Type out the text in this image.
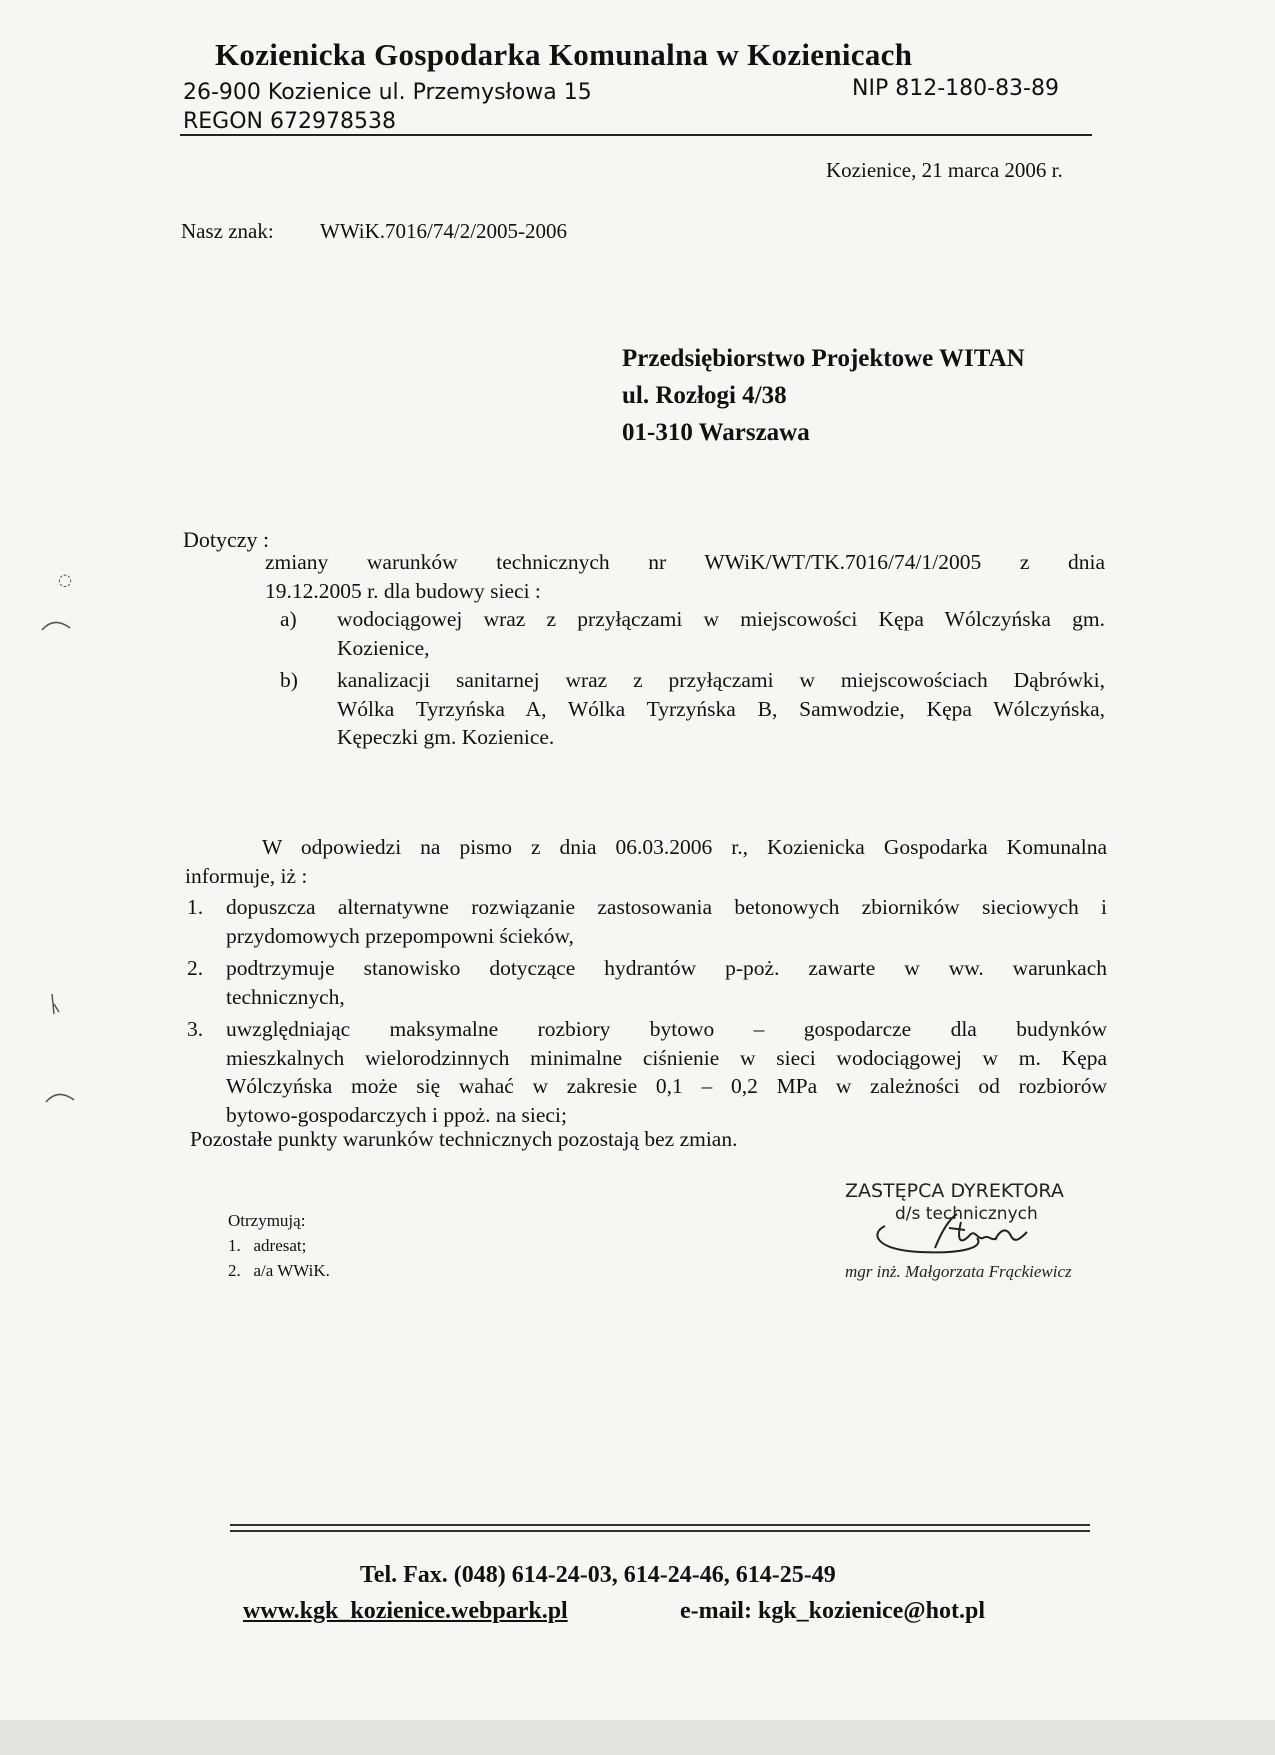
Kozienicka Gospodarka Komunalna w Kozienicach
26-900 Kozienice ul. Przemysłowa 15	NIP 812-180-83-89
REGON 672978538
Kozienice, 21 marca 2006 r.
Nasz znak: WWiK.7016/74/2/2005-2006
Przedsiębiorstwo Projektowe WITAN
ul. Rozłogi 4/38
01-310 Warszawa
Dotyczy :
zmiany warunków technicznych nr WWiK/WT/TK.7016/74/1/2005 z dnia
19.12.2005 r. dla budowy sieci :
a) wodociągowej wraz z przyłączami w miejscowości Kępa Wólczyńska gm.
Kozienice,
b) kanalizacji sanitarnej wraz z przyłączami w miejscowościach Dąbrówki,
Wólka Tyrzyńska A, Wólka Tyrzyńska B, Samwodzie, Kępa Wólczyńska,
Kępeczki gm. Kozienice.
W odpowiedzi na pismo z dnia 06.03.2006 r., Kozienicka Gospodarka Komunalna
informuje, iż :
1. dopuszcza alternatywne rozwiązanie zastosowania betonowych zbiorników sieciowych i
przydomowych przepompowni ścieków,
2. podtrzymuje stanowisko dotyczące hydrantów p-poż. zawarte w ww. warunkach
technicznych,
3. uwzględniając maksymalne rozbiory bytowo – gospodarcze dla budynków
mieszkalnych wielorodzinnych minimalne ciśnienie w sieci wodociągowej w m. Kępa
Wólczyńska może się wahać w zakresie 0,1 – 0,2 MPa w zależności od rozbiorów
bytowo-gospodarczych i ppoż. na sieci;
Pozostałe punkty warunków technicznych pozostają bez zmian.
Otrzymują:
1. adresat;
2. a/a WWiK.
ZASTĘPCA DYREKTORA
d/s technicznych
mgr inż. Małgorzata Frąckiewicz
◌
Tel. Fax. (048) 614-24-03, 614-24-46, 614-25-49
www.kgk_kozienice.webpark.pl	e-mail: kgk_kozienice@hot.pl
